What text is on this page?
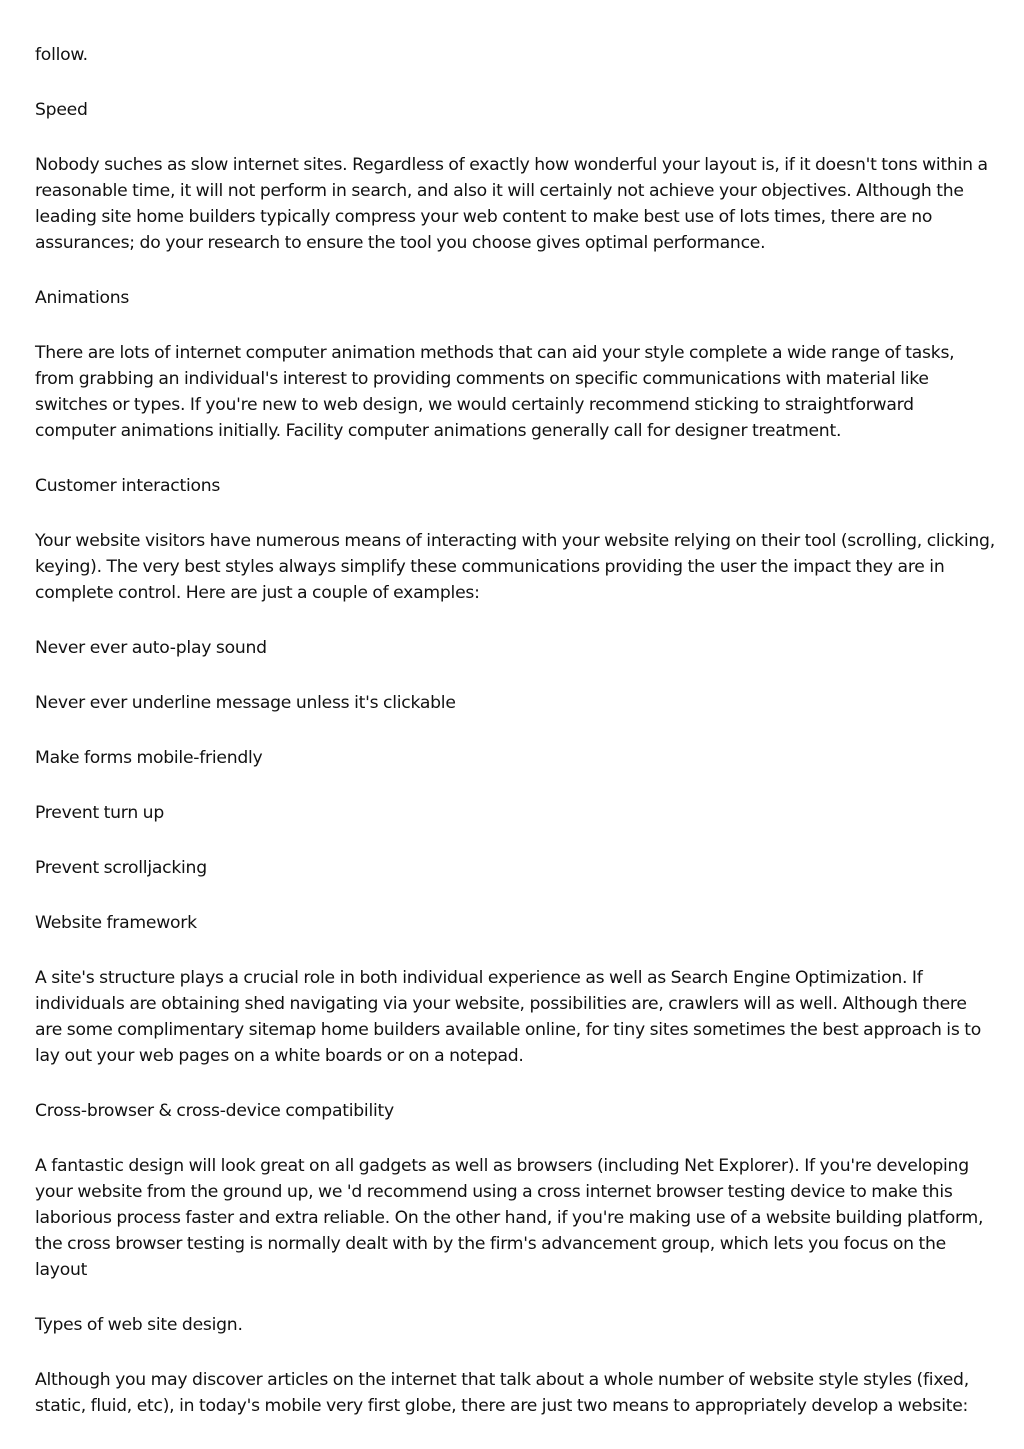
follow.

Speed

Nobody suches as slow internet sites. Regardless of exactly how wonderful your layout is, if it doesn't tons within a reasonable time, it will not perform in search, and also it will certainly not achieve your objectives. Although the leading site home builders typically compress your web content to make best use of lots times, there are no assurances; do your research to ensure the tool you choose gives optimal performance.

Animations

There are lots of internet computer animation methods that can aid your style complete a wide range of tasks, from grabbing an individual's interest to providing comments on specific communications with material like switches or types. If you're new to web design, we would certainly recommend sticking to straightforward computer animations initially. Facility computer animations generally call for designer treatment.

Customer interactions

Your website visitors have numerous means of interacting with your website relying on their tool (scrolling, clicking, keying). The very best styles always simplify these communications providing the user the impact they are in complete control. Here are just a couple of examples:

Never ever auto-play sound

Never ever underline message unless it's clickable

Make forms mobile-friendly

Prevent turn up

Prevent scrolljacking

Website framework

A site's structure plays a crucial role in both individual experience as well as Search Engine Optimization. If individuals are obtaining shed navigating via your website, possibilities are, crawlers will as well. Although there are some complimentary sitemap home builders available online, for tiny sites sometimes the best approach is to lay out your web pages on a white boards or on a notepad.

Cross-browser & cross-device compatibility

A fantastic design will look great on all gadgets as well as browsers (including Net Explorer). If you're developing your website from the ground up, we 'd recommend using a cross internet browser testing device to make this laborious process faster and extra reliable. On the other hand, if you're making use of a website building platform, the cross browser testing is normally dealt with by the firm's advancement group, which lets you focus on the layout

Types of web site design.

Although you may discover articles on the internet that talk about a whole number of website style styles (fixed, static, fluid, etc), in today's mobile very first globe, there are just two means to appropriately develop a website:
